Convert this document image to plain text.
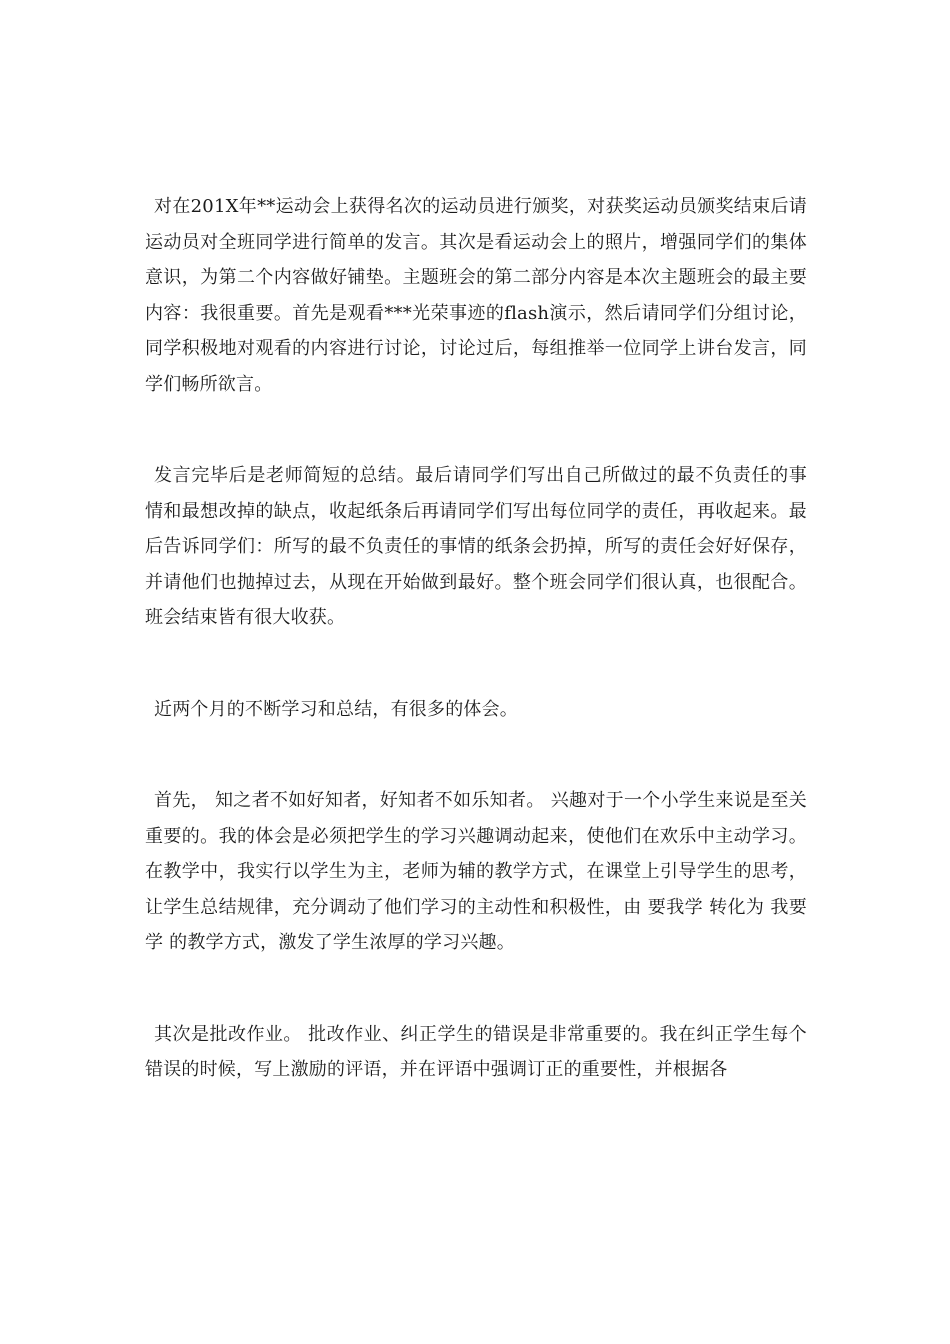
对在201X年**运动会上获得名次的运动员进行颁奖，对获奖运动员颁奖结束后请运动员对全班同学进行简单的发言。其次是看运动会上的照片，增强同学们的集体意识，为第二个内容做好铺垫。主题班会的第二部分内容是本次主题班会的最主要内容：我很重要。首先是观看***光荣事迹的flash演示，然后请同学们分组讨论，同学积极地对观看的内容进行讨论，讨论过后，每组推举一位同学上讲台发言，同学们畅所欲言。

发言完毕后是老师简短的总结。最后请同学们写出自己所做过的最不负责任的事情和最想改掉的缺点，收起纸条后再请同学们写出每位同学的责任，再收起来。最后告诉同学们：所写的最不负责任的事情的纸条会扔掉，所写的责任会好好保存，并请他们也抛掉过去，从现在开始做到最好。整个班会同学们很认真，也很配合。班会结束皆有很大收获。

近两个月的不断学习和总结，有很多的体会。

首先， 知之者不如好知者，好知者不如乐知者。 兴趣对于一个小学生来说是至关重要的。我的体会是必须把学生的学习兴趣调动起来，使他们在欢乐中主动学习。在教学中，我实行以学生为主，老师为辅的教学方式，在课堂上引导学生的思考，让学生总结规律，充分调动了他们学习的主动性和积极性，由 要我学 转化为 我要学 的教学方式，激发了学生浓厚的学习兴趣。

其次是批改作业。 批改作业、纠正学生的错误是非常重要的。我在纠正学生每个错误的时候，写上激励的评语，并在评语中强调订正的重要性，并根据各
